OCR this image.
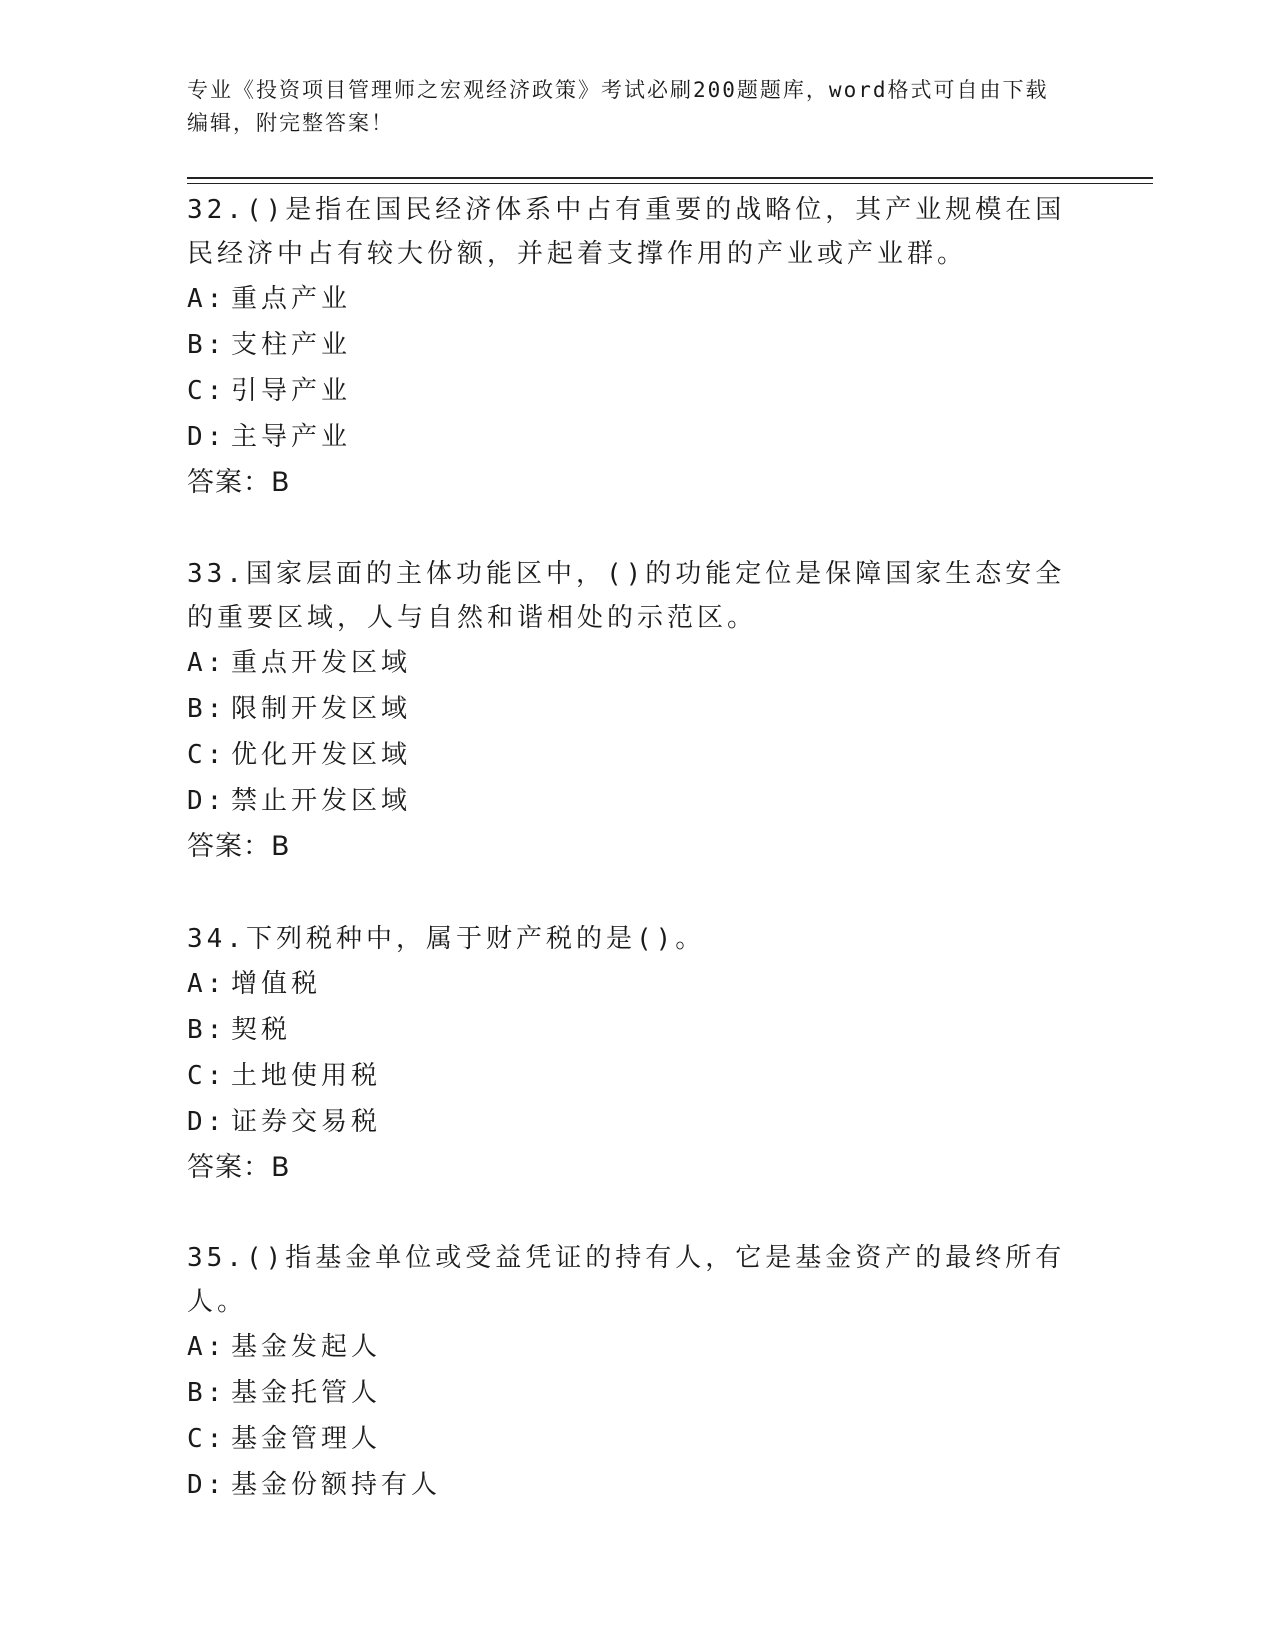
专业《投资项目管理师之宏观经济政策》考试必刷200题题库，word格式可自由下载编辑，附完整答案！

32.()是指在国民经济体系中占有重要的战略位，其产业规模在国民经济中占有较大份额，并起着支撑作用的产业或产业群。

A: 重点产业
B: 支柱产业
C: 引导产业
D: 主导产业
答案：B

33.国家层面的主体功能区中，()的功能定位是保障国家生态安全的重要区域，人与自然和谐相处的示范区。

A: 重点开发区域
B: 限制开发区域
C: 优化开发区域
D: 禁止开发区域
答案：B

34.下列税种中，属于财产税的是()。

A: 增值税
B: 契税
C: 土地使用税
D: 证券交易税
答案：B

35.()指基金单位或受益凭证的持有人，它是基金资产的最终所有人。

A: 基金发起人
B: 基金托管人
C: 基金管理人
D: 基金份额持有人
